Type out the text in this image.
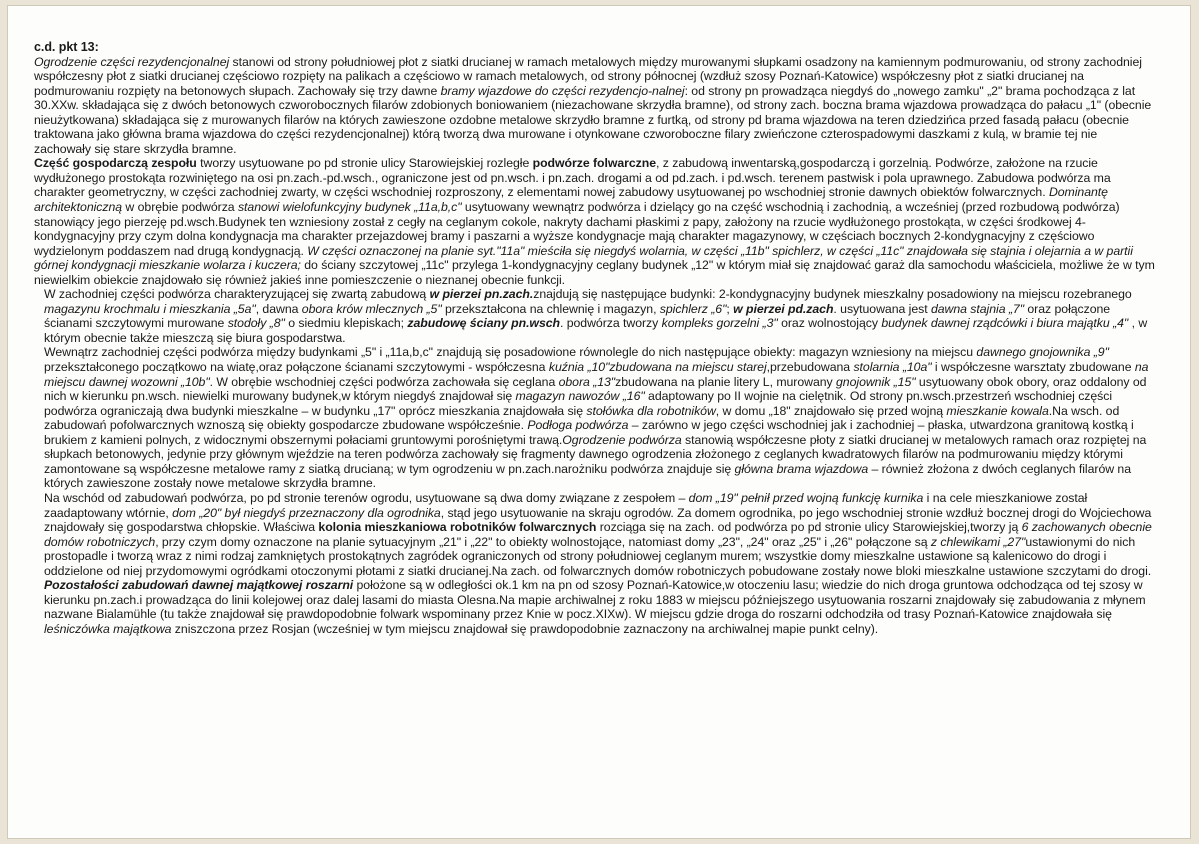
c.d. pkt 13:

Ogrodzenie części rezydencjonalnej stanowi od strony południowej płot z siatki drucianej w ramach metalowych między murowanymi słupkami osadzony na kamiennym podmurowaniu, od strony zachodniej współczesny płot z siatki drucianej częściowo rozpięty na palikach a częściowo w ramach metalowych, od strony północnej (wzdłuż szosy Poznań-Katowice) współczesny płot z siatki drucianej na podmurowaniu rozpięty na betonowych słupach. Zachowały się trzy dawne bramy wjazdowe do części rezydencjo-nalnej: od strony pn prowadząca niegdyś do „nowego zamku" „2" brama pochodząca z lat 30.XXw. składająca się z dwóch betonowych czworobocznych filarów zdobionych boniowaniem (niezachowane skrzydła bramne), od strony zach. boczna brama wjazdowa prowadząca do pałacu „1" (obecnie nieużytkowana) składająca się z murowanych filarów na których zawieszone ozdobne metalowe skrzydło bramne z furtką, od strony pd brama wjazdowa na teren dziedzińca przed fasadą pałacu (obecnie traktowana jako główna brama wjazdowa do części rezydencjonalnej) którą tworzą dwa murowane i otynkowane czworoboczne filary zwieńczone czterospadowymi daszkami z kulą, w bramie tej nie zachowały się stare skrzydła bramne.

Część gospodarczą zespołu tworzy usytuowane po pd stronie ulicy Starowiejskiej rozległe podwórze folwarczne, z zabudową inwentarską,gospodarczą i gorzelnią. Podwórze, założone na rzucie wydłużonego prostokąta rozwiniętego na osi pn.zach.-pd.wsch., ograniczone jest od pn.wsch. i pn.zach. drogami a od pd.zach. i pd.wsch. terenem pastwisk i pola uprawnego. Zabudowa podwórza ma charakter geometryczny, w części zachodniej zwarty, w części wschodniej rozproszony, z elementami nowej zabudowy usytuowanej po wschodniej stronie dawnych obiektów folwarcznych. Dominantę architektoniczną w obrębie podwórza stanowi wielofunkcyjny budynek „11a,b,c" usytuowany wewnątrz podwórza i dzielący go na część wschodnią i zachodnią, a wcześniej (przed rozbudową podwórza) stanowiący jego pierzeję pd.wsch.Budynek ten wzniesiony został z cegły na ceglanym cokole, nakryty dachami płaskimi z papy, założony na rzucie wydłużonego prostokąta, w części środkowej 4-kondygnacyjny przy czym dolna kondygnacja ma charakter przejazdowej bramy i paszarni a wyższe kondygnacje mają charakter magazynowy, w częściach bocznych 2-kondygnacyjny z częściowo wydzielonym poddaszem nad drugą kondygnacją. W części oznaczonej na planie syt."11a" mieściła się niegdyś wolarnia, w części „11b" spichlerz, w części „11c" znajdowała się stajnia i olejarnia a w partii górnej kondygnacji mieszkanie wolarza i kuczera; do ściany szczytowej „11c" przylega 1-kondygnacyjny ceglany budynek „12" w którym miał się znajdować garaż dla samochodu właściciela, możliwe że w tym niewielkim obiekcie znajdowało się również jakieś inne pomieszczenie o nieznanej obecnie funkcji.

W zachodniej części podwórza charakteryzującej się zwartą zabudową w pierzei pn.zach.znajdują się następujące budynki: 2-kondygnacyjny budynek mieszkalny posadowiony na miejscu rozebranego magazynu krochmalu i mieszkania „5a", dawna obora krów mlecznych „5" przekształcona na chlewnię i magazyn, spichlerz „6"; w pierzei pd.zach. usytuowana jest dawna stajnia „7" oraz połączone ścianami szczytowymi murowane stodoły „8" o siedmiu klepiskach; zabudowę ściany pn.wsch. podwórza tworzy kompleks gorzelni „3" oraz wolnostojący budynek dawnej rządcówki i biura majątku „4" , w którym obecnie także mieszczą się biura gospodarstwa.

Wewnątrz zachodniej części podwórza między budynkami „5" i „11a,b,c" znajdują się posadowione równolegle do nich następujące obiekty: magazyn wzniesiony na miejscu dawnego gnojownika „9" przekształconego początkowo na wiatę,oraz połączone ścianami szczytowymi - współczesna kuźnia „10"zbudowana na miejscu starej,przebudowana stolarnia „10a" i współczesne warsztaty zbudowane na miejscu dawnej wozowni „10b". W obrębie wschodniej części podwórza zachowała się ceglana obora „13"zbudowana na planie litery L, murowany gnojownik „15" usytuowany obok obory, oraz oddalony od nich w kierunku pn.wsch. niewielki murowany budynek,w którym niegdyś znajdował się magazyn nawozów „16" adaptowany po II wojnie na cielętnik. Od strony pn.wsch.przestrzeń wschodniej części podwórza ograniczają dwa budynki mieszkalne – w budynku „17" oprócz mieszkania znajdowała się stołówka dla robotników, w domu „18" znajdowało się przed wojną mieszkanie kowala.Na wsch. od zabudowań pofolwarcznych wznoszą się obiekty gospodarcze zbudowane współcześnie. Podłoga podwórza – zarówno w jego części wschodniej jak i zachodniej – płaska, utwardzona granitową kostką i brukiem z kamieni polnych, z widocznymi obszernymi połaciami gruntowymi porośniętymi trawą.Ogrodzenie podwórza stanowią współczesne płoty z siatki drucianej w metalowych ramach oraz rozpiętej na słupkach betonowych, jedynie przy głównym wjeździe na teren podwórza zachowały się fragmenty dawnego ogrodzenia złożonego z ceglanych kwadratowych filarów na podmurowaniu między którymi zamontowane są współczesne metalowe ramy z siatką drucianą; w tym ogrodzeniu w pn.zach.narożniku podwórza znajduje się główna brama wjazdowa – również złożona z dwóch ceglanych filarów na których zawieszone zostały nowe metalowe skrzydła bramne.

Na wschód od zabudowań podwórza, po pd stronie terenów ogrodu, usytuowane są dwa domy związane z zespołem – dom „19" pełnił przed wojną funkcję kurnika i na cele mieszkaniowe został zaadaptowany wtórnie, dom „20" był niegdyś przeznaczony dla ogrodnika, stąd jego usytuowanie na skraju ogrodów. Za domem ogrodnika, po jego wschodniej stronie wzdłuż bocznej drogi do Wojciechowa znajdowały się gospodarstwa chłopskie. Właściwa kolonia mieszkaniowa robotników folwarcznych rozciąga się na zach. od podwórza po pd stronie ulicy Starowiejskiej,tworzy ją 6 zachowanych obecnie domów robotniczych, przy czym domy oznaczone na planie sytuacyjnym „21" i „22" to obiekty wolnostojące, natomiast domy „23", „24" oraz „25" i „26" połączone są z chlewikami „27"ustawionymi do nich prostopadle i tworzą wraz z nimi rodzaj zamkniętych prostokątnych zagródek ograniczonych od strony południowej ceglanym murem; wszystkie domy mieszkalne ustawione są kalenicowo do drogi i oddzielone od niej przydomowymi ogródkami otoczonymi płotami z siatki drucianej.Na zach. od folwarcznych domów robotniczych pobudowane zostały nowe bloki mieszkalne ustawione szczytami do drogi.

Pozostałości zabudowań dawnej majątkowej roszarni położone są w odległości ok.1 km na pn od szosy Poznań-Katowice,w otoczeniu lasu; wiedzie do nich droga gruntowa odchodząca od tej szosy w kierunku pn.zach.i prowadząca do linii kolejowej oraz dalej lasami do miasta Olesna.Na mapie archiwalnej z roku 1883 w miejscu późniejszego usytuowania roszarni znajdowały się zabudowania z młynem nazwane Bialamühle (tu także znajdował się prawdopodobnie folwark wspominany przez Knie w pocz.XIXw). W miejscu gdzie droga do roszarni odchodziła od trasy Poznań-Katowice znajdowała się leśniczówka majątkowa zniszczona przez Rosjan (wcześniej w tym miejscu znajdował się prawdopodobnie zaznaczony na archiwalnej mapie punkt celny).
